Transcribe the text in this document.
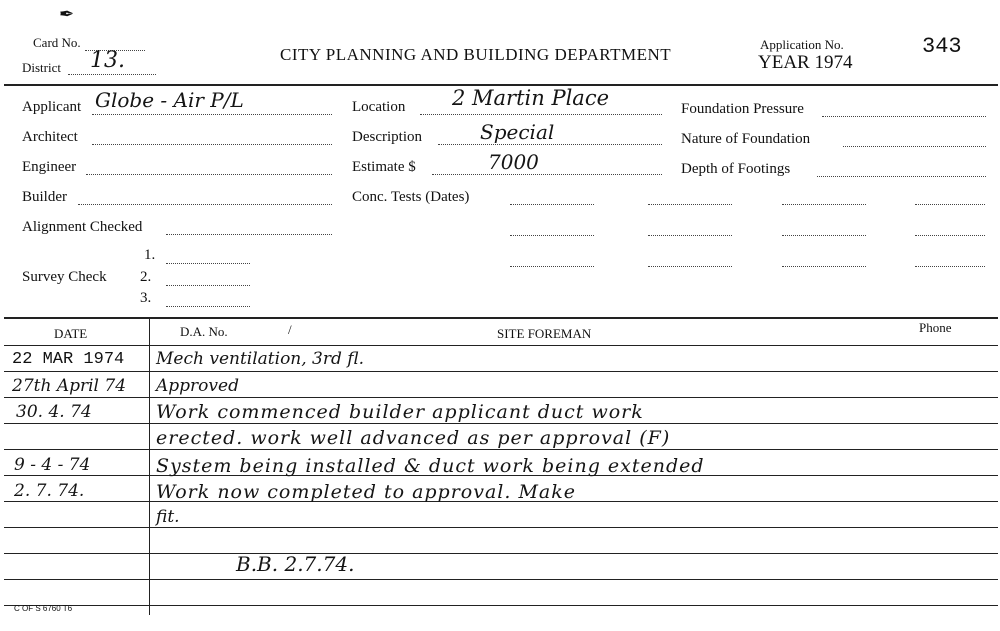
✒
Card No.
District 13.	CITY PLANNING AND BUILDING DEPARTMENT
Application No.
YEAR 1974
343
Applicant Globe - Air P/L
Architect
Engineer
Builder
Alignment Checked
Survey Check
1.
2.
3.
Location 2 Martin Place
Description	Special
Estimate $	7000
Conc. Tests (Dates)
Foundation Pressure
Nature of Foundation
Depth of Footings
DATE	D.A. No.	/	SITE FOREMAN	Phone
22 MAR 1974 Mech ventilation, 3rd fl.
27th April 74 Approved
30. 4. 74	Work commenced builder applicant duct work
erected. work well advanced as per approval (F)
9 - 4 - 74	System being installed & duct work being extended
2. 7. 74.	Work now completed to approval. Make
fit.
B.B. 2.7.74.
C OF S 6760 T6
